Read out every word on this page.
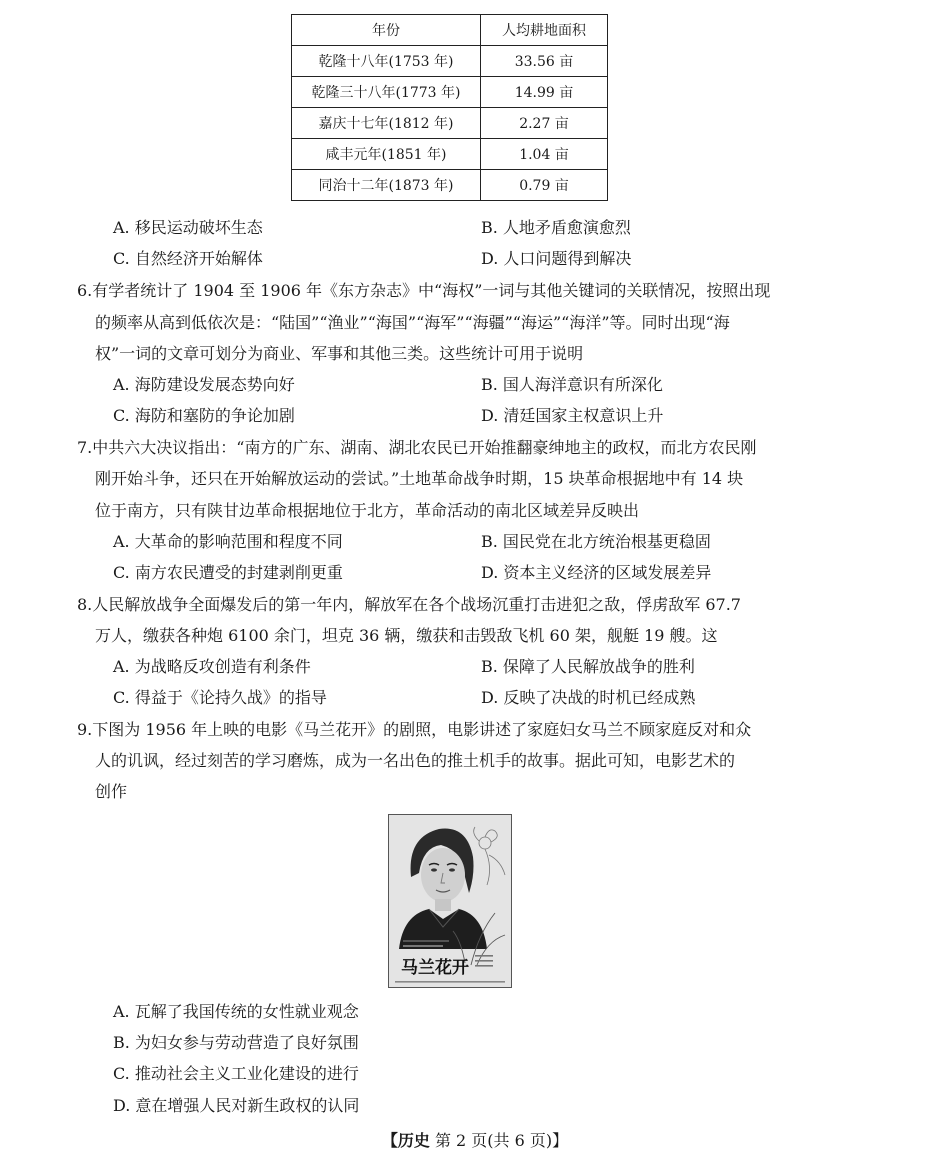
年份	人均耕地面积
乾隆十八年(1753 年)	33.56 亩
乾隆三十八年(1773 年)	14.99 亩
嘉庆十七年(1812 年)	2.27 亩
咸丰元年(1851 年)	1.04 亩
同治十二年(1873 年)	0.79 亩
A. 移民运动破坏生态	B. 人地矛盾愈演愈烈
C. 自然经济开始解体	D. 人口问题得到解决
6.有学者统计了 1904 至 1906 年《东方杂志》中“海权”一词与其他关键词的关联情况，按照出现
的频率从高到低依次是：“陆国”“渔业”“海国”“海军”“海疆”“海运”“海洋”等。同时出现“海
权”一词的文章可划分为商业、军事和其他三类。这些统计可用于说明
A. 海防建设发展态势向好	B. 国人海洋意识有所深化
C. 海防和塞防的争论加剧	D. 清廷国家主权意识上升
7.中共六大决议指出：“南方的广东、湖南、湖北农民已开始推翻豪绅地主的政权，而北方农民刚
刚开始斗争，还只在开始解放运动的尝试。”土地革命战争时期，15 块革命根据地中有 14 块
位于南方，只有陕甘边革命根据地位于北方，革命活动的南北区域差异反映出
A. 大革命的影响范围和程度不同	B. 国民党在北方统治根基更稳固
C. 南方农民遭受的封建剥削更重	D. 资本主义经济的区域发展差异
8.人民解放战争全面爆发后的第一年内，解放军在各个战场沉重打击进犯之敌，俘虏敌军 67.7
万人，缴获各种炮 6100 余门，坦克 36 辆，缴获和击毁敌飞机 60 架，舰艇 19 艘。这
A. 为战略反攻创造有利条件	B. 保障了人民解放战争的胜利
C. 得益于《论持久战》的指导	D. 反映了决战的时机已经成熟
9.下图为 1956 年上映的电影《马兰花开》的剧照，电影讲述了家庭妇女马兰不顾家庭反对和众
人的讥讽，经过刻苦的学习磨炼，成为一名出色的推土机手的故事。据此可知，电影艺术的
创作
马兰花开
A. 瓦解了我国传统的女性就业观念
B. 为妇女参与劳动营造了良好氛围
C. 推动社会主义工业化建设的进行
D. 意在增强人民对新生政权的认同
【历史 第 2 页(共 6 页)】
